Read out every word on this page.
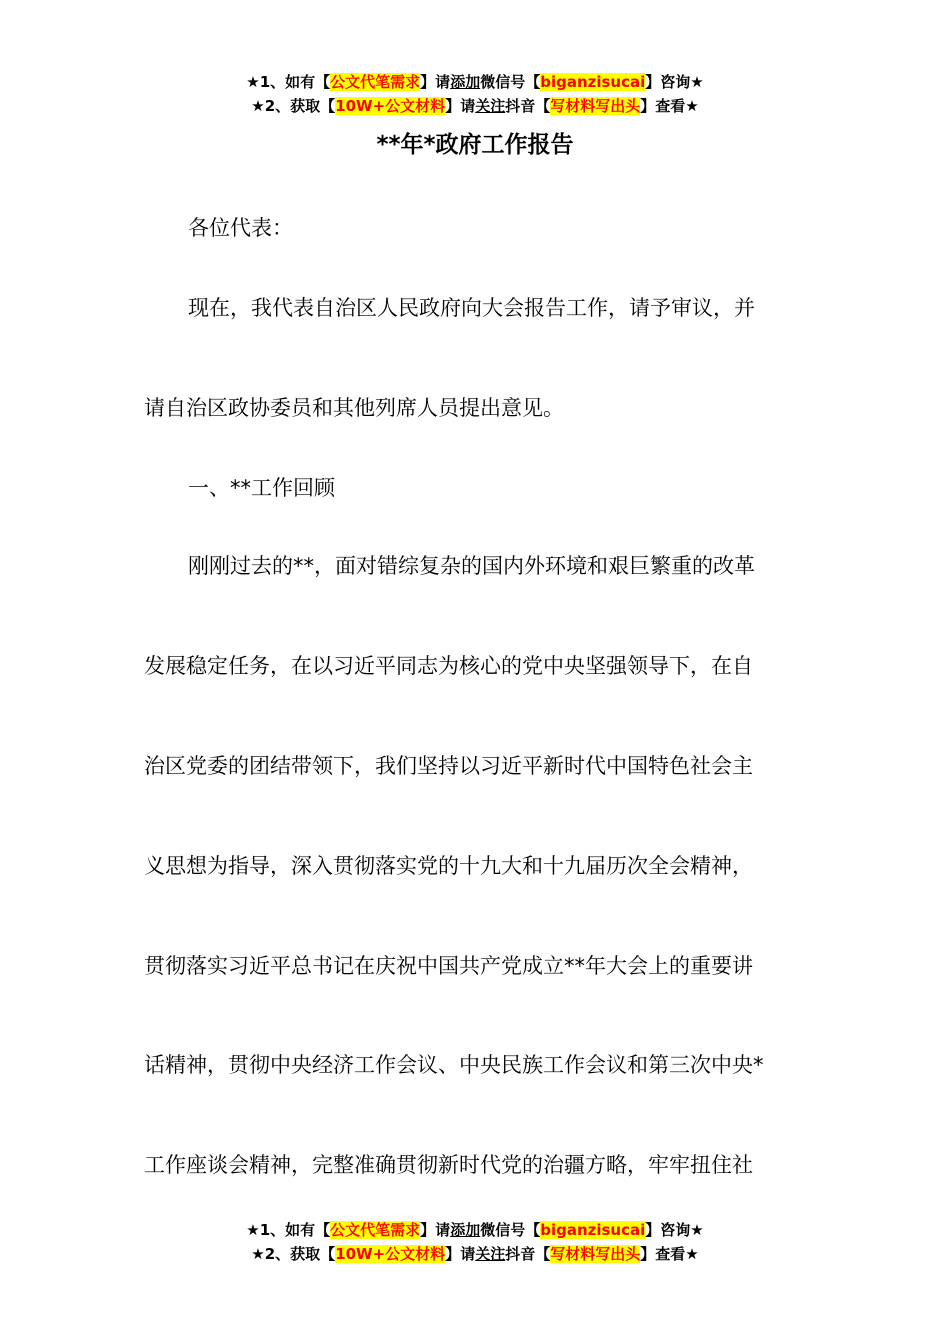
★1、如有【公文代笔需求】请添加微信号【biganzisucai】咨询★
★2、获取【10W+公文材料】请关注抖音【写材料写出头】查看★
**年*政府工作报告
各位代表：
现在，我代表自治区人民政府向大会报告工作，请予审议，并
请自治区政协委员和其他列席人员提出意见。
一、**工作回顾
刚刚过去的**，面对错综复杂的国内外环境和艰巨繁重的改革
发展稳定任务，在以习近平同志为核心的党中央坚强领导下，在自
治区党委的团结带领下，我们坚持以习近平新时代中国特色社会主
义思想为指导，深入贯彻落实党的十九大和十九届历次全会精神，
贯彻落实习近平总书记在庆祝中国共产党成立**年大会上的重要讲
话精神，贯彻中央经济工作会议、中央民族工作会议和第三次中央*
工作座谈会精神，完整准确贯彻新时代党的治疆方略，牢牢扭住社
★1、如有【公文代笔需求】请添加微信号【biganzisucai】咨询★
★2、获取【10W+公文材料】请关注抖音【写材料写出头】查看★
